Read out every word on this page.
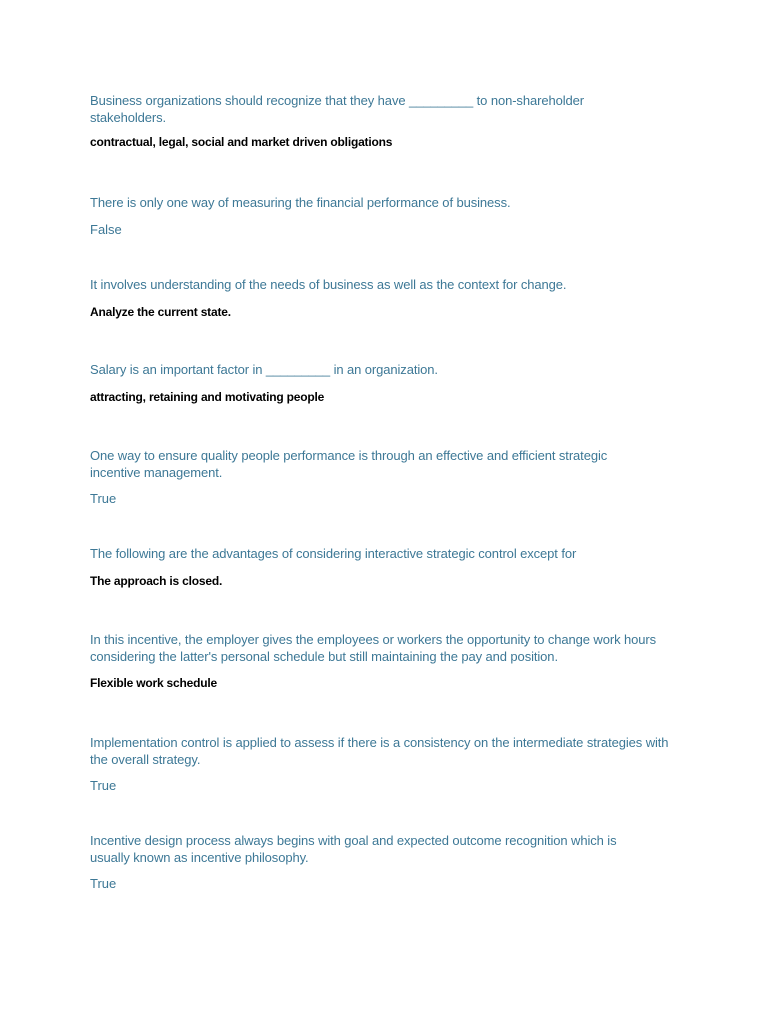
Business organizations should recognize that they have _________ to non-shareholder stakeholders.

contractual, legal, social and market driven obligations

There is only one way of measuring the financial performance of business.

False

It involves understanding of the needs of business as well as the context for change.

Analyze the current state.

Salary is an important factor in _________ in an organization.

attracting, retaining and motivating people

One way to ensure quality people performance is through an effective and efficient strategic incentive management.

True

The following are the advantages of considering interactive strategic control except for

The approach is closed.

In this incentive, the employer gives the employees or workers the opportunity to change work hours considering the latter's personal schedule but still maintaining the pay and position.

Flexible work schedule

Implementation control is applied to assess if there is a consistency on the intermediate strategies with the overall strategy.

True

Incentive design process always begins with goal and expected outcome recognition which is usually known as incentive philosophy.

True
